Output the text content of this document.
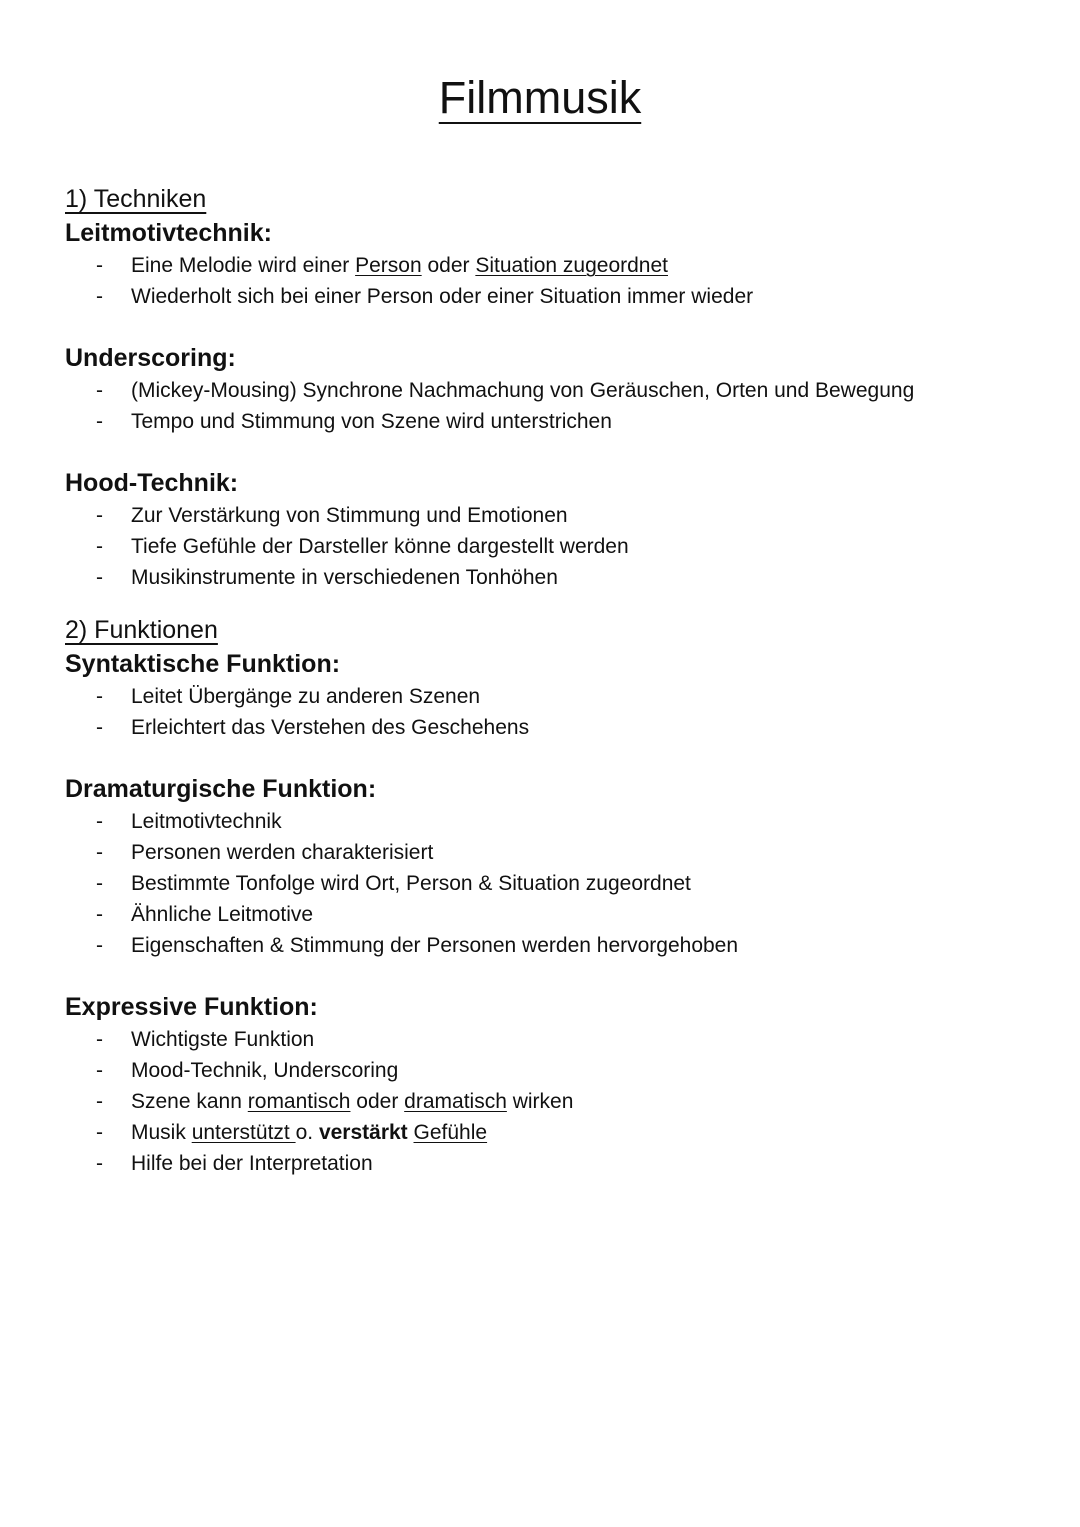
Filmmusik

1) Techniken

Leitmotivtechnik:

- Eine Melodie wird einer Person oder Situation zugeordnet
- Wiederholt sich bei einer Person oder einer Situation immer wieder

Underscoring:

- (Mickey-Mousing) Synchrone Nachmachung von Geräuschen, Orten und Bewegung
- Tempo und Stimmung von Szene wird unterstrichen

Hood-Technik:

- Zur Verstärkung von Stimmung und Emotionen
- Tiefe Gefühle der Darsteller könne dargestellt werden
- Musikinstrumente in verschiedenen Tonhöhen

2) Funktionen

Syntaktische Funktion:

- Leitet Übergänge zu anderen Szenen
- Erleichtert das Verstehen des Geschehens

Dramaturgische Funktion:

- Leitmotivtechnik
- Personen werden charakterisiert
- Bestimmte Tonfolge wird Ort, Person & Situation zugeordnet
- Ähnliche Leitmotive
- Eigenschaften & Stimmung der Personen werden hervorgehoben

Expressive Funktion:

- Wichtigste Funktion
- Mood-Technik, Underscoring
- Szene kann romantisch oder dramatisch wirken
- Musik unterstützt o. verstärkt Gefühle
- Hilfe bei der Interpretation
